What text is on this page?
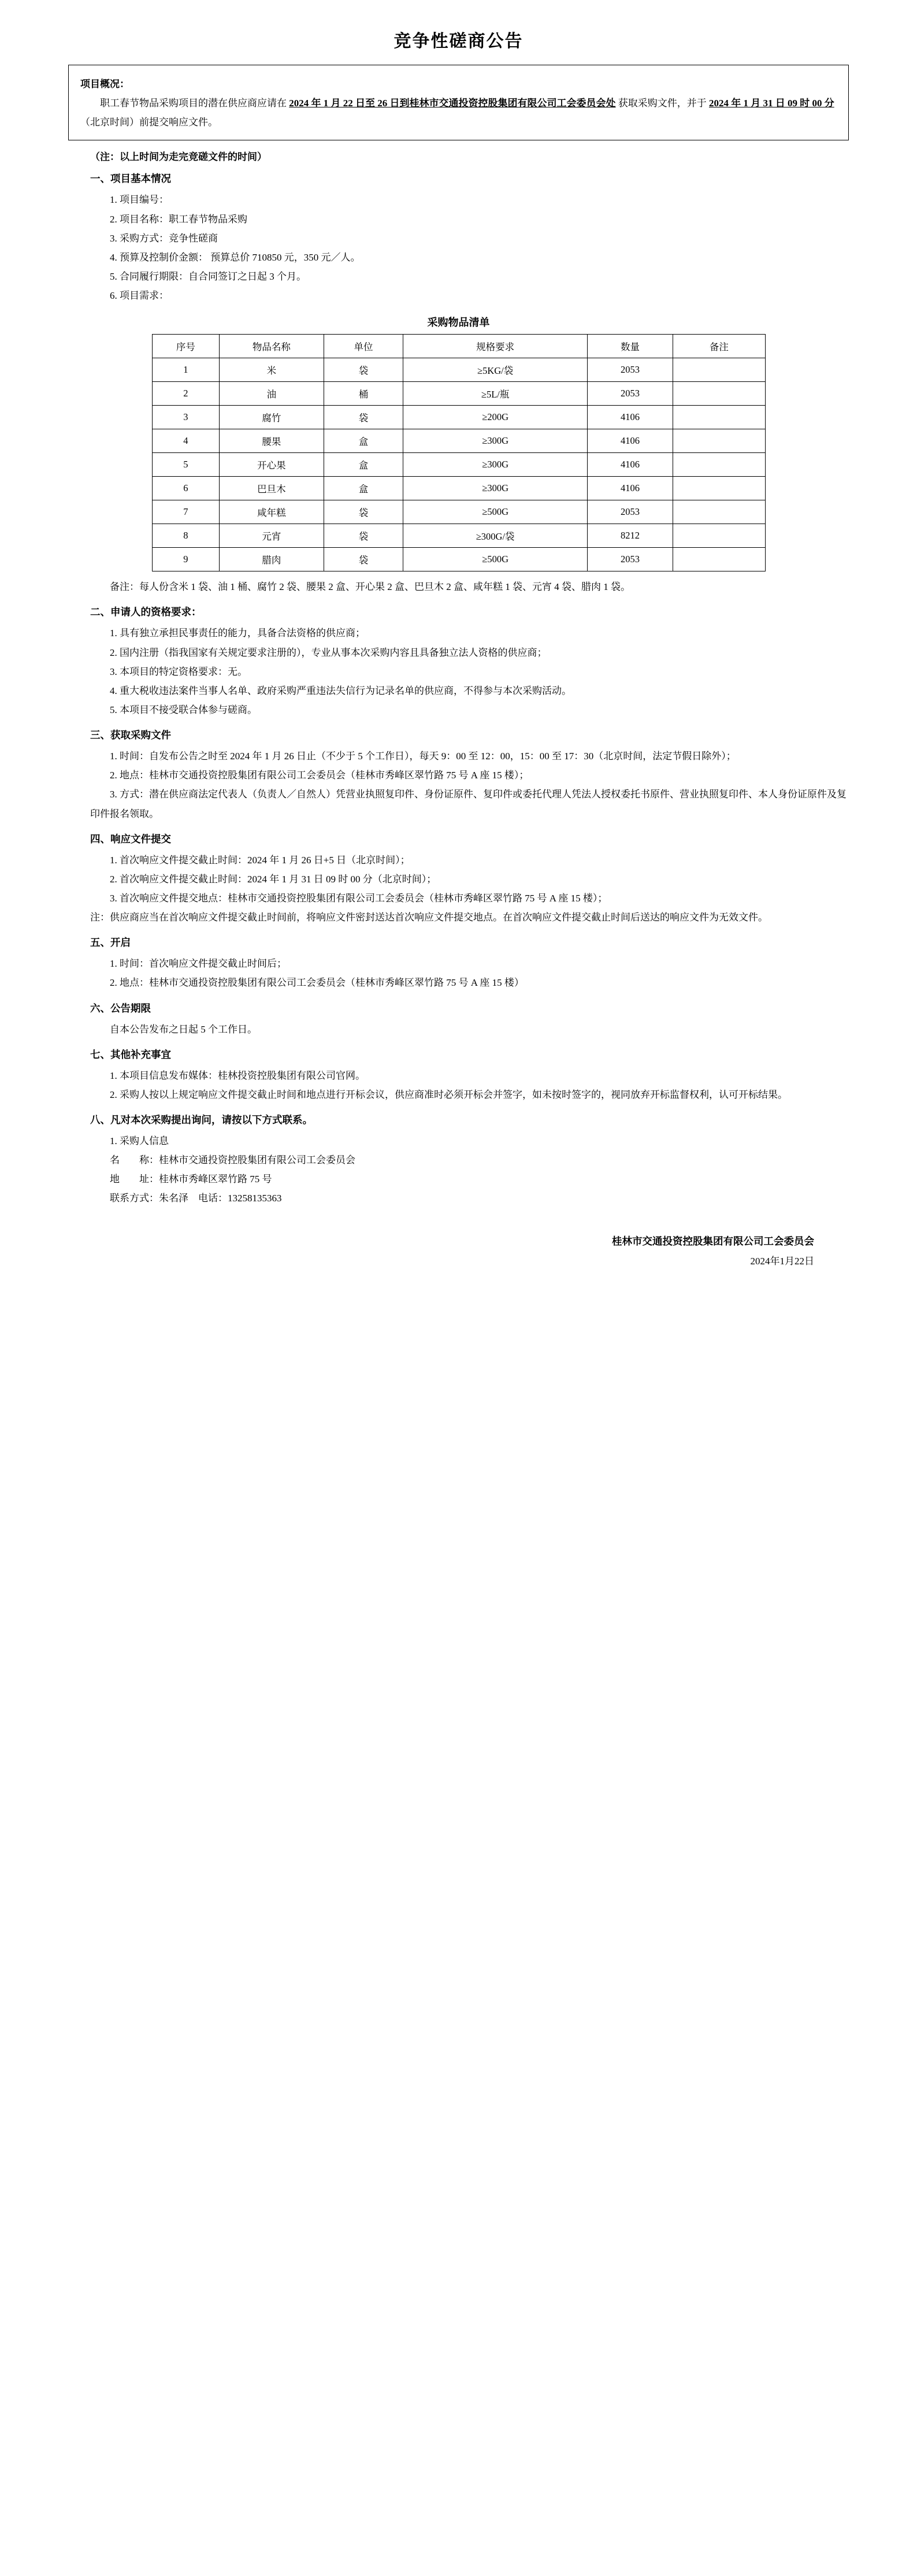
竞争性磋商公告
项目概况：
职工春节物品采购项目的潜在供应商应请在 2024 年 1 月 22 日至 26 日到桂林市交通投资控股集团有限公司工会委员会处 获取采购文件，并于 2024 年 1 月 31 日 09 时 00 分 （北京时间）前提交响应文件。
（注：以上时间为走完竞磋文件的时间）
一、项目基本情况

1. 项目编号：

2. 项目名称：职工春节物品采购

3. 采购方式：竞争性磋商

4. 预算及控制价金额： 预算总价 710850 元，350 元／人。

5. 合同履行期限：自合同签订之日起 3 个月。

6. 项目需求：

采购物品清单
序号	物品名称	单位	规格要求	数量	备注
1	米	袋	≥5KG/袋	2053	
2	油	桶	≥5L/瓶	2053	
3	腐竹	袋	≥200G	4106	
4	腰果	盒	≥300G	4106	
5	开心果	盒	≥300G	4106	
6	巴旦木	盒	≥300G	4106	
7	咸年糕	袋	≥500G	2053	
8	元宵	袋	≥300G/袋	8212	
9	腊肉	袋	≥500G	2053	

备注：每人份含米 1 袋、油 1 桶、腐竹 2 袋、腰果 2 盒、开心果 2 盒、巴旦木 2 盒、咸年糕 1 袋、元宵 4 袋、腊肉 1 袋。

二、申请人的资格要求：

1. 具有独立承担民事责任的能力，具备合法资格的供应商；

2. 国内注册（指我国家有关规定要求注册的），专业从事本次采购内容且具备独立法人资格的供应商；

3. 本项目的特定资格要求：无。

4. 重大税收违法案件当事人名单、政府采购严重违法失信行为记录名单的供应商，不得参与本次采购活动。

5. 本项目不接受联合体参与磋商。

三、获取采购文件

1. 时间：自发布公告之时至 2024 年 1 月 26 日止（不少于 5 个工作日），每天 9：00 至 12：00，15：00 至 17：30（北京时间，法定节假日除外）；

2. 地点：桂林市交通投资控股集团有限公司工会委员会（桂林市秀峰区翠竹路 75 号 A 座 15 楼）；

3. 方式：潜在供应商法定代表人（负责人／自然人）凭营业执照复印件、身份证原件、复印件或委托代理人凭法人授权委托书原件、营业执照复印件、本人身份证原件及复印件报名领取。

四、响应文件提交

1. 首次响应文件提交截止时间：2024 年 1 月 26 日+5 日（北京时间）；

2. 首次响应文件提交截止时间：2024 年 1 月 31 日 09 时 00 分（北京时间）；

3. 首次响应文件提交地点：桂林市交通投资控股集团有限公司工会委员会（桂林市秀峰区翠竹路 75 号 A 座 15 楼）；

注：供应商应当在首次响应文件提交截止时间前，将响应文件密封送达首次响应文件提交地点。在首次响应文件提交截止时间后送达的响应文件为无效文件。

五、开启

1. 时间：首次响应文件提交截止时间后；

2. 地点：桂林市交通投资控股集团有限公司工会委员会（桂林市秀峰区翠竹路 75 号 A 座 15 楼）

六、公告期限

自本公告发布之日起 5 个工作日。

七、其他补充事宜

1. 本项目信息发布媒体：桂林投资控股集团有限公司官网。

2. 采购人按以上规定响应文件提交截止时间和地点进行开标会议，供应商准时必须开标会并签字，如未按时签字的，视同放弃开标监督权利，认可开标结果。

八、凡对本次采购提出询问，请按以下方式联系。

1. 采购人信息

名　　称：桂林市交通投资控股集团有限公司工会委员会

地　　址：桂林市秀峰区翠竹路 75 号

联系方式：朱名泽　电话：13258135363

桂林市交通投资控股集团有限公司工会委员会
2024年1月22日
